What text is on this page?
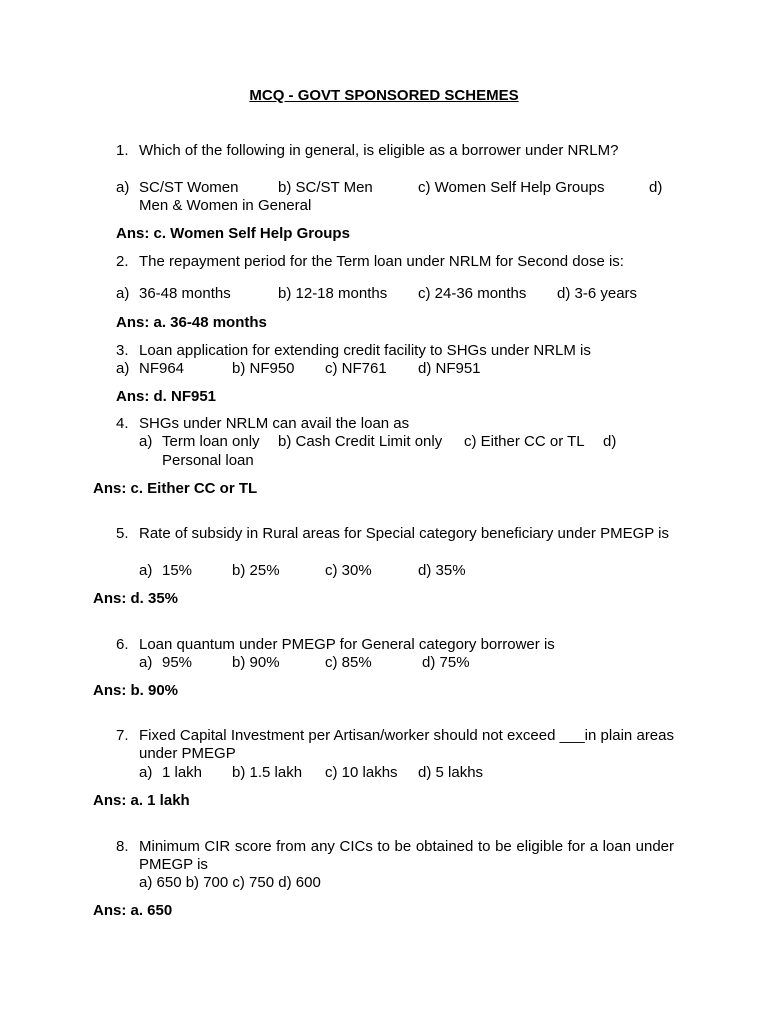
MCQ - GOVT SPONSORED SCHEMES
1. Which of the following in general, is eligible as a borrower under NRLM?
a) SC/ST Women	b) SC/ST Men	c) Women Self Help Groups	d)
Men & Women in General
Ans: c. Women Self Help Groups
2. The repayment period for the Term loan under NRLM for Second dose is:
a) 36-48 months	b) 12-18 months c) 24-36 months d) 3-6 years
Ans: a. 36-48 months
3. Loan application for extending credit facility to SHGs under NRLM is
a) NF964	b) NF950 c) NF761 d) NF951
Ans: d. NF951
4. SHGs under NRLM can avail the loan as
a) Term loan only b) Cash Credit Limit only c) Either CC or TL d)
Personal loan
Ans: c. Either CC or TL
5. Rate of subsidy in Rural areas for Special category beneficiary under PMEGP is
a) 15%	b) 25%	c) 30%	d) 35%
Ans: d. 35%
6. Loan quantum under PMEGP for General category borrower is
a) 95%	b) 90%	c) 85%	d) 75%
Ans: b. 90%
7. Fixed Capital Investment per Artisan/worker should not exceed ___in plain areas under PMEGP
a) 1 lakh b) 1.5 lakh c) 10 lakhs d) 5 lakhs
Ans: a. 1 lakh
8. Minimum CIR score from any CICs to be obtained to be eligible for a loan under PMEGP is
a) 650 b) 700 c) 750 d) 600
Ans: a. 650
